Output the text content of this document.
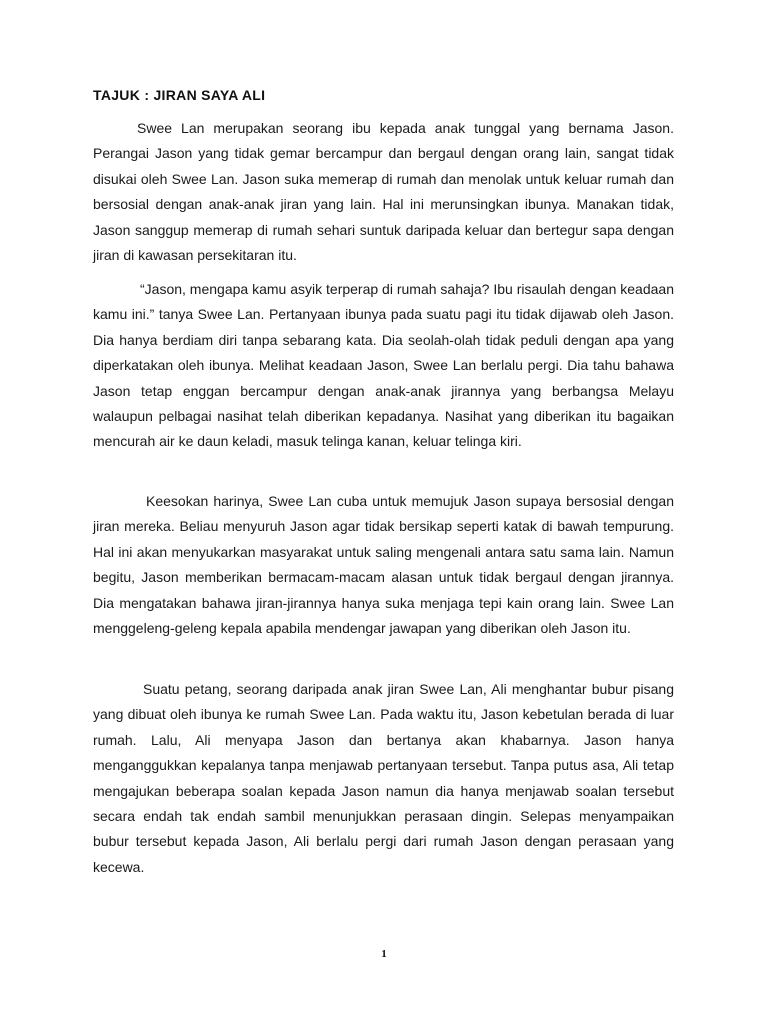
TAJUK : JIRAN SAYA ALI

Swee Lan merupakan seorang ibu kepada anak tunggal yang bernama Jason. Perangai Jason yang tidak gemar bercampur dan bergaul dengan orang lain, sangat tidak disukai oleh Swee Lan. Jason suka memerap di rumah dan menolak untuk keluar rumah dan bersosial dengan anak-anak jiran yang lain. Hal ini merunsingkan ibunya. Manakan tidak, Jason sanggup memerap di rumah sehari suntuk daripada keluar dan bertegur sapa dengan jiran di kawasan persekitaran itu.

“Jason, mengapa kamu asyik terperap di rumah sahaja? Ibu risaulah dengan keadaan kamu ini.” tanya Swee Lan. Pertanyaan ibunya pada suatu pagi itu tidak dijawab oleh Jason. Dia hanya berdiam diri tanpa sebarang kata. Dia seolah-olah tidak peduli dengan apa yang diperkatakan oleh ibunya. Melihat keadaan Jason, Swee Lan berlalu pergi. Dia tahu bahawa Jason tetap enggan bercampur dengan anak-anak jirannya yang berbangsa Melayu walaupun pelbagai nasihat telah diberikan kepadanya. Nasihat yang diberikan itu bagaikan mencurah air ke daun keladi, masuk telinga kanan, keluar telinga kiri.

Keesokan harinya, Swee Lan cuba untuk memujuk Jason supaya bersosial dengan jiran mereka. Beliau menyuruh Jason agar tidak bersikap seperti katak di bawah tempurung. Hal ini akan menyukarkan masyarakat untuk saling mengenali antara satu sama lain. Namun begitu, Jason memberikan bermacam-macam alasan untuk tidak bergaul dengan jirannya. Dia mengatakan bahawa jiran-jirannya hanya suka menjaga tepi kain orang lain. Swee Lan menggeleng-geleng kepala apabila mendengar jawapan yang diberikan oleh Jason itu.

Suatu petang, seorang daripada anak jiran Swee Lan, Ali menghantar bubur pisang yang dibuat oleh ibunya ke rumah Swee Lan. Pada waktu itu, Jason kebetulan berada di luar rumah. Lalu, Ali menyapa Jason dan bertanya akan khabarnya. Jason hanya menganggukkan kepalanya tanpa menjawab pertanyaan tersebut. Tanpa putus asa, Ali tetap mengajukan beberapa soalan kepada Jason namun dia hanya menjawab soalan tersebut secara endah tak endah sambil menunjukkan perasaan dingin. Selepas menyampaikan bubur tersebut kepada Jason, Ali berlalu pergi dari rumah Jason dengan perasaan yang kecewa.

1
